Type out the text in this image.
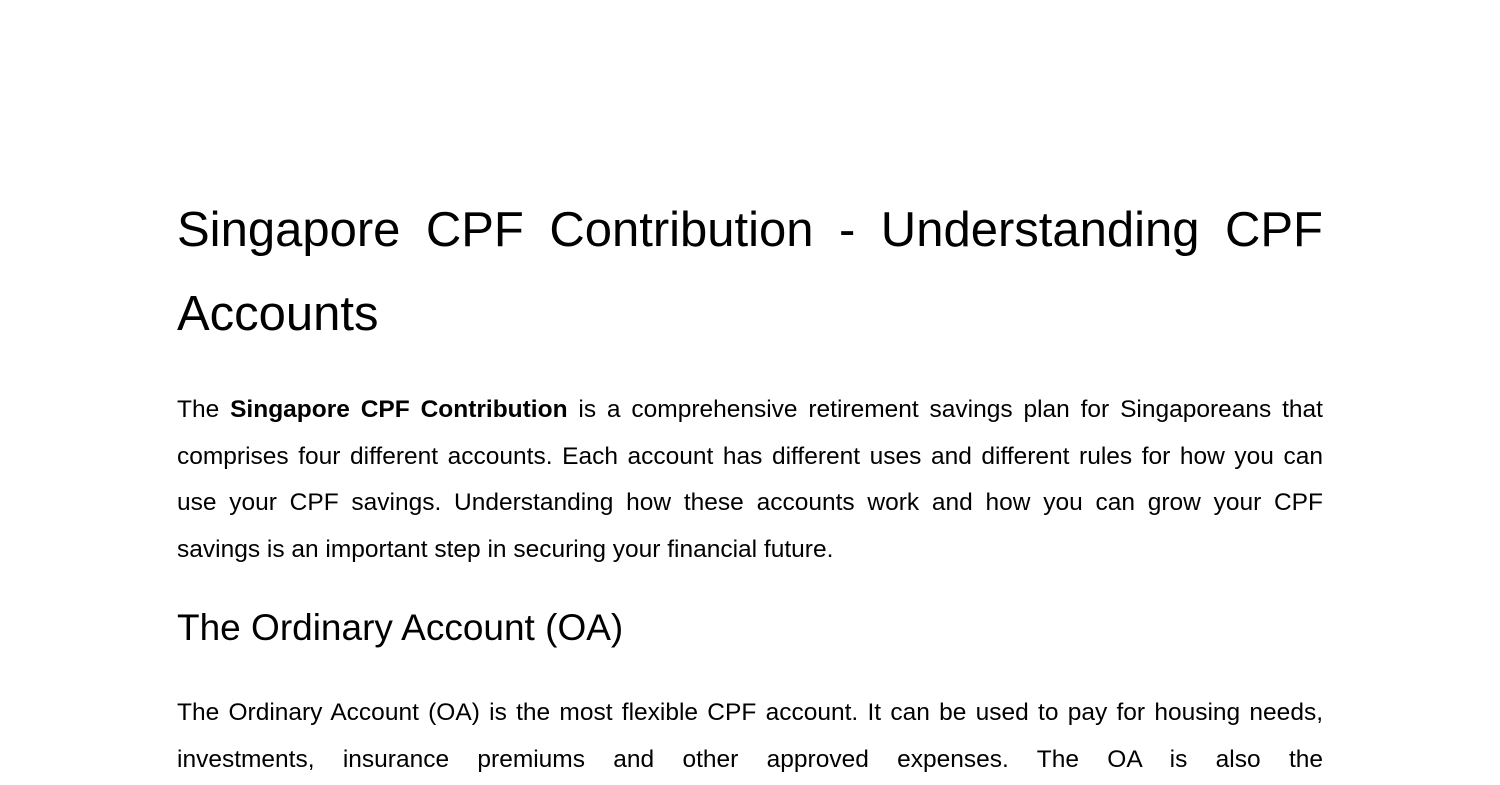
Singapore CPF Contribution - Understanding CPF Accounts

The Singapore CPF Contribution is a comprehensive retirement savings plan for Singaporeans that comprises four different accounts. Each account has different uses and different rules for how you can use your CPF savings. Understanding how these accounts work and how you can grow your CPF savings is an important step in securing your financial future.

The Ordinary Account (OA)

The Ordinary Account (OA) is the most flexible CPF account. It can be used to pay for housing needs, investments, insurance premiums and other approved expenses. The OA is also the
